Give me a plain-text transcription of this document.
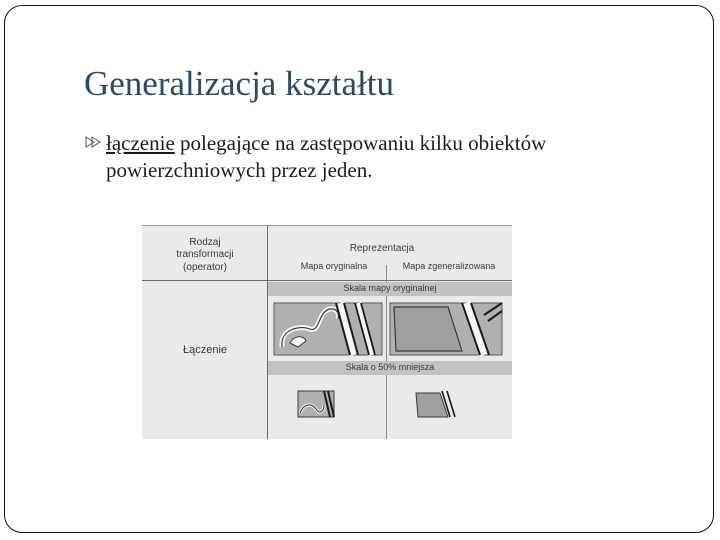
Generalizacja kształtu

łączenie polegające na zastępowaniu kilku obiektów
powierzchniowych przez jeden.

Rodzaj
transformacji
(operator)
Reprezentacja
Mapa oryginalna	Mapa zgeneralizowana
Skala mapy oryginalnej
Skala o 50% mniejsza
Łączenie
